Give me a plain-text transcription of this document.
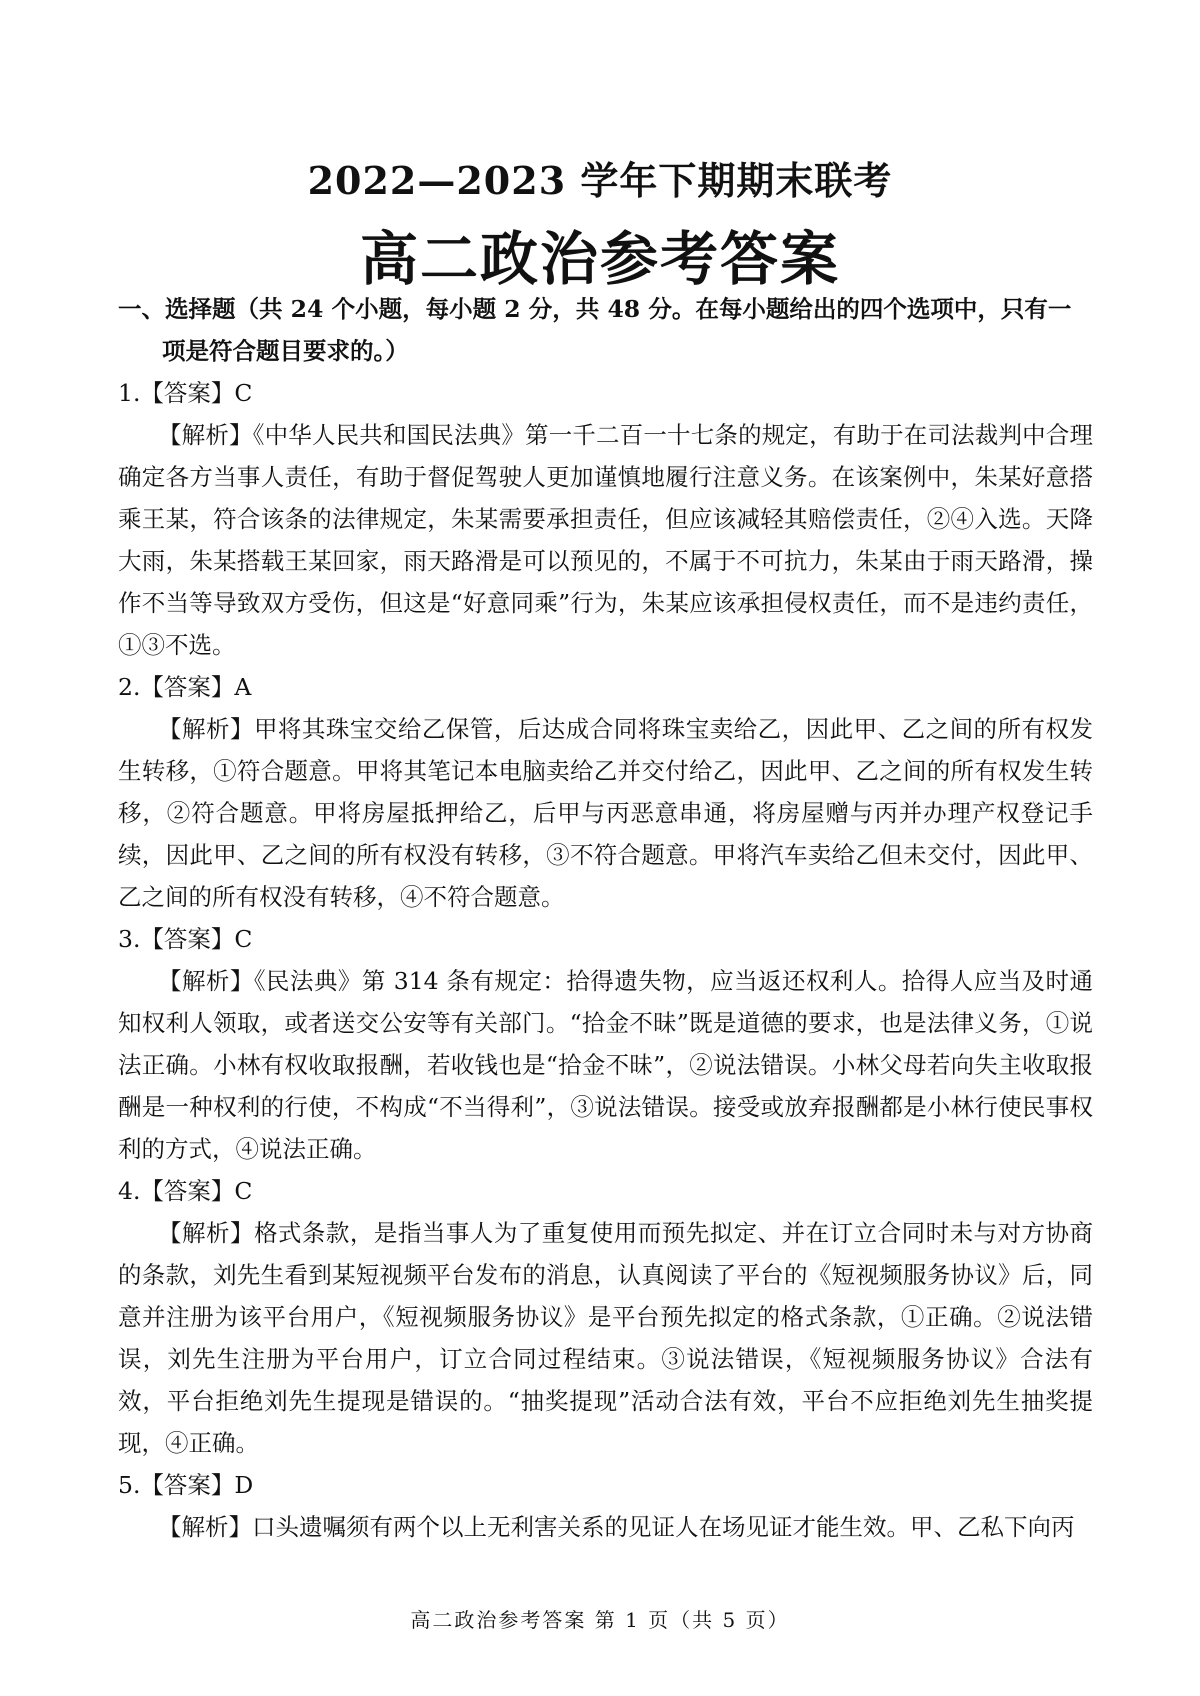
2022—2023 学年下期期末联考
高二政治参考答案

一、选择题（共 24 个小题，每小题 2 分，共 48 分。在每小题给出的四个选项中，只有一项是符合题目要求的。）

1.【答案】C

【解析】《中华人民共和国民法典》第一千二百一十七条的规定，有助于在司法裁判中合理确定各方当事人责任，有助于督促驾驶人更加谨慎地履行注意义务。在该案例中，朱某好意搭乘王某，符合该条的法律规定，朱某需要承担责任，但应该减轻其赔偿责任，②④入选。天降大雨，朱某搭载王某回家，雨天路滑是可以预见的，不属于不可抗力，朱某由于雨天路滑，操作不当等导致双方受伤，但这是“好意同乘”行为，朱某应该承担侵权责任，而不是违约责任，①③不选。

2.【答案】A

【解析】甲将其珠宝交给乙保管，后达成合同将珠宝卖给乙，因此甲、乙之间的所有权发生转移，①符合题意。甲将其笔记本电脑卖给乙并交付给乙，因此甲、乙之间的所有权发生转移，②符合题意。甲将房屋抵押给乙，后甲与丙恶意串通，将房屋赠与丙并办理产权登记手续，因此甲、乙之间的所有权没有转移，③不符合题意。甲将汽车卖给乙但未交付，因此甲、乙之间的所有权没有转移，④不符合题意。

3.【答案】C

【解析】《民法典》第 314 条有规定：拾得遗失物，应当返还权利人。拾得人应当及时通知权利人领取，或者送交公安等有关部门。“拾金不昧”既是道德的要求，也是法律义务，①说法正确。小林有权收取报酬，若收钱也是“拾金不昧”，②说法错误。小林父母若向失主收取报酬是一种权利的行使，不构成“不当得利”，③说法错误。接受或放弃报酬都是小林行使民事权利的方式，④说法正确。

4.【答案】C

【解析】格式条款，是指当事人为了重复使用而预先拟定、并在订立合同时未与对方协商的条款，刘先生看到某短视频平台发布的消息，认真阅读了平台的《短视频服务协议》后，同意并注册为该平台用户，《短视频服务协议》是平台预先拟定的格式条款，①正确。②说法错误，刘先生注册为平台用户，订立合同过程结束。③说法错误，《短视频服务协议》合法有效，平台拒绝刘先生提现是错误的。“抽奖提现”活动合法有效，平台不应拒绝刘先生抽奖提现，④正确。

5.【答案】D

【解析】口头遗嘱须有两个以上无利害关系的见证人在场见证才能生效。甲、乙私下向丙

高二政治参考答案 第 1 页（共 5 页）
